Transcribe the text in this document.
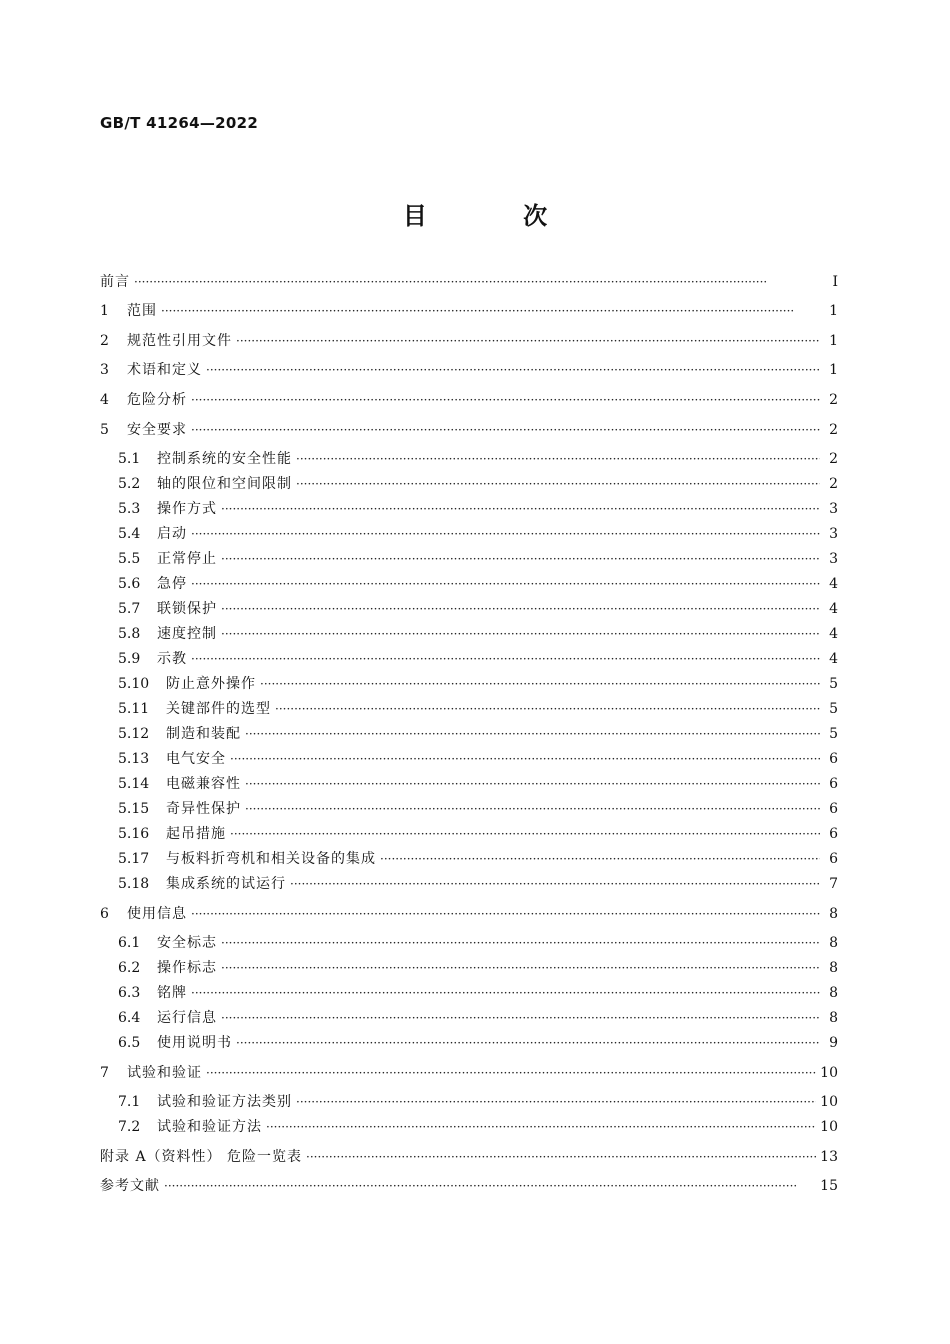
GB/T 41264—2022
目 次
前言 ·····	Ⅰ
1	范围 ·····	1
2	规范性引用文件 ·····	1
3	术语和定义 ·····	1
4	危险分析 ·····	2
5	安全要求 ·····	2
5.1	控制系统的安全性能 ·····	2
5.2	轴的限位和空间限制 ·····	2
5.3	操作方式 ·····	3
5.4	启动 ·····	3
5.5	正常停止 ·····	3
5.6	急停 ·····	4
5.7	联锁保护 ·····	4
5.8	速度控制 ·····	4
5.9	示教 ·····	4
5.10	防止意外操作 ·····	5
5.11	关键部件的选型 ·····	5
5.12	制造和装配 ·····	5
5.13	电气安全 ·····	6
5.14	电磁兼容性 ·····	6
5.15	奇异性保护 ·····	6
5.16	起吊措施 ·····	6
5.17	与板料折弯机和相关设备的集成 ·····	6
5.18	集成系统的试运行 ·····	7
6	使用信息 ·····	8
6.1	安全标志 ·····	8
6.2	操作标志 ·····	8
6.3	铭牌 ·····	8
6.4	运行信息 ·····	8
6.5	使用说明书 ·····	9
7	试验和验证 ·····	10
7.1	试验和验证方法类别 ·····	10
7.2	试验和验证方法 ·····	10
附录 A（资料性） 危险一览表 ·····	13
参考文献 ·····	15
